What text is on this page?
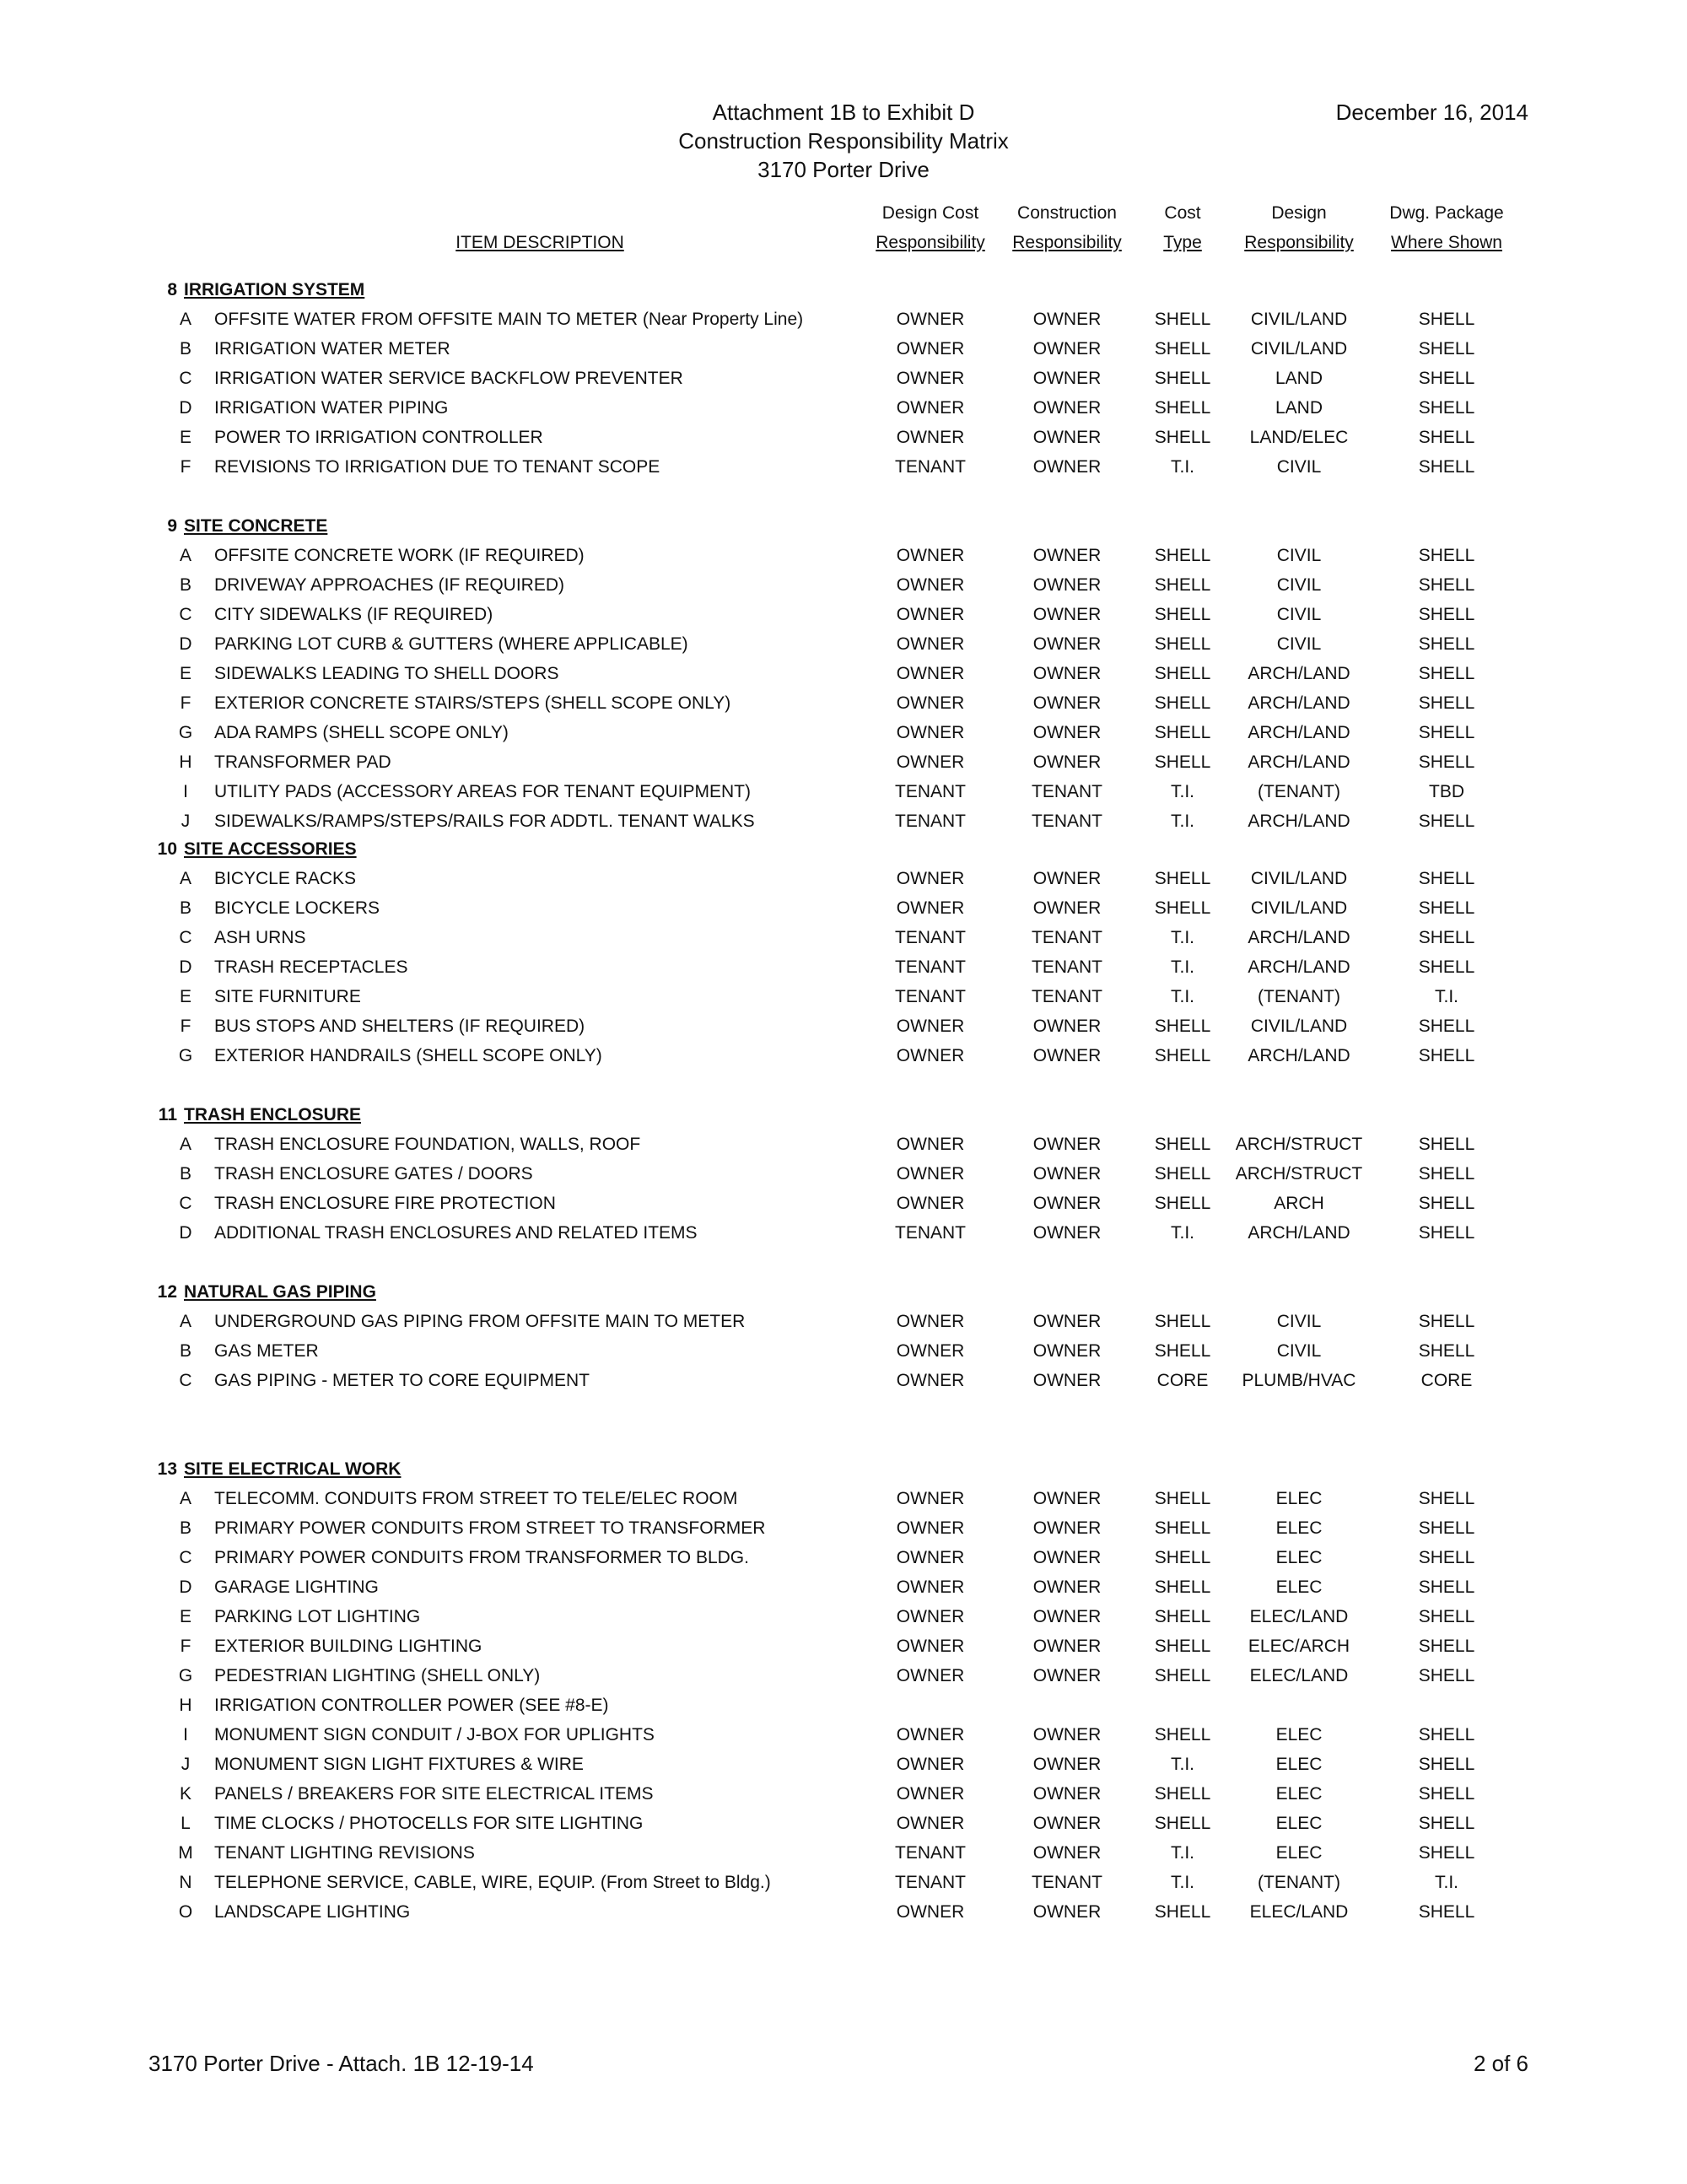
Attachment 1B to Exhibit D
Construction Responsibility Matrix
3170 Porter Drive
December 16, 2014
ITEM DESCRIPTION
Design Cost
Responsibility
Construction
Responsibility
Cost
Type
Design
Responsibility
Dwg. Package
Where Shown
8 IRRIGATION SYSTEM
A	OFFSITE WATER FROM OFFSITE MAIN TO METER (Near Property Line)	OWNER	OWNER	SHELL	CIVIL/LAND	SHELL
B	IRRIGATION WATER METER	OWNER	OWNER	SHELL	CIVIL/LAND	SHELL
C	IRRIGATION WATER SERVICE BACKFLOW PREVENTER	OWNER	OWNER	SHELL	LAND	SHELL
D	IRRIGATION WATER PIPING	OWNER	OWNER	SHELL	LAND	SHELL
E	POWER TO IRRIGATION CONTROLLER	OWNER	OWNER	SHELL	LAND/ELEC	SHELL
F	REVISIONS TO IRRIGATION DUE TO TENANT SCOPE	TENANT	OWNER	T.I.	CIVIL	SHELL
9 SITE CONCRETE
A	OFFSITE CONCRETE WORK (IF REQUIRED)	OWNER	OWNER	SHELL	CIVIL	SHELL
B	DRIVEWAY APPROACHES (IF REQUIRED)	OWNER	OWNER	SHELL	CIVIL	SHELL
C	CITY SIDEWALKS (IF REQUIRED)	OWNER	OWNER	SHELL	CIVIL	SHELL
D	PARKING LOT CURB & GUTTERS (WHERE APPLICABLE)	OWNER	OWNER	SHELL	CIVIL	SHELL
E	SIDEWALKS LEADING TO SHELL DOORS	OWNER	OWNER	SHELL	ARCH/LAND	SHELL
F	EXTERIOR CONCRETE STAIRS/STEPS (SHELL SCOPE ONLY)	OWNER	OWNER	SHELL	ARCH/LAND	SHELL
G ADA RAMPS (SHELL SCOPE ONLY)	OWNER	OWNER	SHELL	ARCH/LAND	SHELL
H	TRANSFORMER PAD	OWNER	OWNER	SHELL	ARCH/LAND	SHELL
I	UTILITY PADS (ACCESSORY AREAS FOR TENANT EQUIPMENT)	TENANT	TENANT	T.I.	(TENANT)	TBD
J	SIDEWALKS/RAMPS/STEPS/RAILS FOR ADDTL. TENANT WALKS	TENANT	TENANT	T.I.	ARCH/LAND	SHELL
10 SITE ACCESSORIES
A	BICYCLE RACKS	OWNER	OWNER	SHELL	CIVIL/LAND	SHELL
B	BICYCLE LOCKERS	OWNER	OWNER	SHELL	CIVIL/LAND	SHELL
C	ASH URNS	TENANT	TENANT	T.I.	ARCH/LAND	SHELL
D	TRASH RECEPTACLES	TENANT	TENANT	T.I.	ARCH/LAND	SHELL
E	SITE FURNITURE	TENANT	TENANT	T.I.	(TENANT)	T.I.
F	BUS STOPS AND SHELTERS (IF REQUIRED)	OWNER	OWNER	SHELL	CIVIL/LAND	SHELL
G EXTERIOR HANDRAILS (SHELL SCOPE ONLY)	OWNER	OWNER	SHELL	ARCH/LAND	SHELL
11 TRASH ENCLOSURE
A	TRASH ENCLOSURE FOUNDATION, WALLS, ROOF	OWNER	OWNER	SHELL	ARCH/STRUCT	SHELL
B	TRASH ENCLOSURE GATES / DOORS	OWNER	OWNER	SHELL	ARCH/STRUCT	SHELL
C	TRASH ENCLOSURE FIRE PROTECTION	OWNER	OWNER	SHELL	ARCH	SHELL
D	ADDITIONAL TRASH ENCLOSURES AND RELATED ITEMS	TENANT	OWNER	T.I.	ARCH/LAND	SHELL
12 NATURAL GAS PIPING
A	UNDERGROUND GAS PIPING FROM OFFSITE MAIN TO METER	OWNER	OWNER	SHELL	CIVIL	SHELL
B	GAS METER	OWNER	OWNER	SHELL	CIVIL	SHELL
C	GAS PIPING - METER TO CORE EQUIPMENT	OWNER	OWNER	CORE	PLUMB/HVAC	CORE
13 SITE ELECTRICAL WORK
A	TELECOMM. CONDUITS FROM STREET TO TELE/ELEC ROOM	OWNER	OWNER	SHELL	ELEC	SHELL
B	PRIMARY POWER CONDUITS FROM STREET TO TRANSFORMER	OWNER	OWNER	SHELL	ELEC	SHELL
C	PRIMARY POWER CONDUITS FROM TRANSFORMER TO BLDG.	OWNER	OWNER	SHELL	ELEC	SHELL
D	GARAGE LIGHTING	OWNER	OWNER	SHELL	ELEC	SHELL
E	PARKING LOT LIGHTING	OWNER	OWNER	SHELL	ELEC/LAND	SHELL
F	EXTERIOR BUILDING LIGHTING	OWNER	OWNER	SHELL	ELEC/ARCH	SHELL
G PEDESTRIAN LIGHTING (SHELL ONLY)	OWNER	OWNER	SHELL	ELEC/LAND	SHELL
H	IRRIGATION CONTROLLER POWER (SEE #8-E)
I	MONUMENT SIGN CONDUIT / J-BOX FOR UPLIGHTS	OWNER	OWNER	SHELL	ELEC	SHELL
J	MONUMENT SIGN LIGHT FIXTURES & WIRE	OWNER	OWNER	T.I.	ELEC	SHELL
K	PANELS / BREAKERS FOR SITE ELECTRICAL ITEMS	OWNER	OWNER	SHELL	ELEC	SHELL
L	TIME CLOCKS / PHOTOCELLS FOR SITE LIGHTING	OWNER	OWNER	SHELL	ELEC	SHELL
M TENANT LIGHTING REVISIONS	TENANT	OWNER	T.I.	ELEC	SHELL
N	TELEPHONE SERVICE, CABLE, WIRE, EQUIP. (From Street to Bldg.)	TENANT	TENANT	T.I.	(TENANT)	T.I.
O LANDSCAPE LIGHTING	OWNER	OWNER	SHELL	ELEC/LAND	SHELL
3170 Porter Drive - Attach. 1B 12-19-14	2 of 6
